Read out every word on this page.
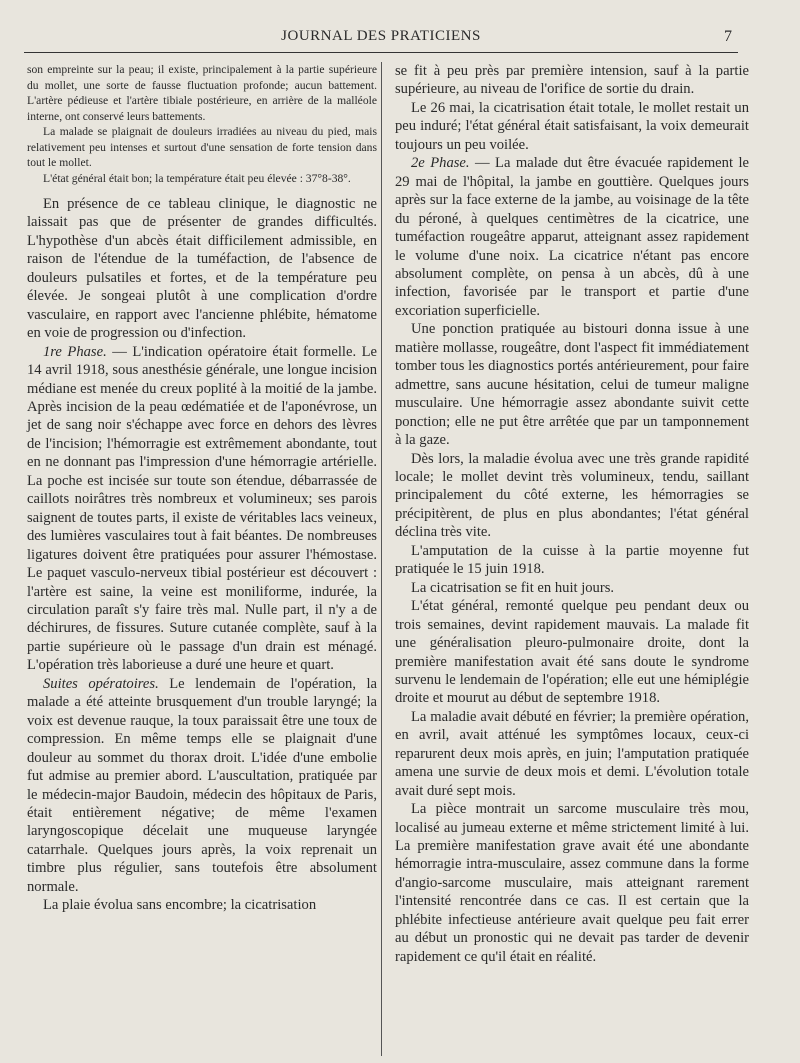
JOURNAL DES PRATICIENS	7

son empreinte sur la peau; il existe, principalement à la partie supérieure du mollet, une sorte de fausse fluctuation profonde; aucun battement. L'artère pédieuse et l'artère tibiale postérieure, en arrière de la malléole interne, ont conservé leurs battements.

La malade se plaignait de douleurs irradiées au niveau du pied, mais relativement peu intenses et surtout d'une sensation de forte tension dans tout le mollet.

L'état général était bon; la température était peu élevée : 37°8-38°.

En présence de ce tableau clinique, le diagnostic ne laissait pas que de présenter de grandes difficultés. L'hypothèse d'un abcès était difficilement admissible, en raison de l'étendue de la tuméfaction, de l'absence de douleurs pulsatiles et fortes, et de la température peu élevée. Je songeai plutôt à une complication d'ordre vasculaire, en rapport avec l'ancienne phlébite, hématome en voie de progression ou d'infection.

1re Phase. — L'indication opératoire était formelle. Le 14 avril 1918, sous anesthésie générale, une longue incision médiane est menée du creux poplité à la moitié de la jambe. Après incision de la peau œdématiée et de l'aponévrose, un jet de sang noir s'échappe avec force en dehors des lèvres de l'incision; l'hémorragie est extrêmement abondante, tout en ne donnant pas l'impression d'une hémorragie artérielle. La poche est incisée sur toute son étendue, débarrassée de caillots noirâtres très nombreux et volumineux; ses parois saignent de toutes parts, il existe de véritables lacs veineux, des lumières vasculaires tout à fait béantes. De nombreuses ligatures doivent être pratiquées pour assurer l'hémostase. Le paquet vasculo-nerveux tibial postérieur est découvert : l'artère est saine, la veine est moniliforme, indurée, la circulation paraît s'y faire très mal. Nulle part, il n'y a de déchirures, de fissures. Suture cutanée complète, sauf à la partie supérieure où le passage d'un drain est ménagé. L'opération très laborieuse a duré une heure et quart.

Suites opératoires. Le lendemain de l'opération, la malade a été atteinte brusquement d'un trouble laryngé; la voix est devenue rauque, la toux paraissait être une toux de compression. En même temps elle se plaignait d'une douleur au sommet du thorax droit. L'idée d'une embolie fut admise au premier abord. L'auscultation, pratiquée par le médecin-major Baudoin, médecin des hôpitaux de Paris, était entièrement négative; de même l'examen laryngoscopique décelait une muqueuse laryngée catarrhale. Quelques jours après, la voix reprenait un timbre plus régulier, sans toutefois être absolument normale.

La plaie évolua sans encombre; la cicatrisation

se fit à peu près par première intension, sauf à la partie supérieure, au niveau de l'orifice de sortie du drain.

Le 26 mai, la cicatrisation était totale, le mollet restait un peu induré; l'état général était satisfaisant, la voix demeurait toujours un peu voilée.

2e Phase. — La malade dut être évacuée rapidement le 29 mai de l'hôpital, la jambe en gouttière. Quelques jours après sur la face externe de la jambe, au voisinage de la tête du péroné, à quelques centimètres de la cicatrice, une tuméfaction rougeâtre apparut, atteignant assez rapidement le volume d'une noix. La cicatrice n'étant pas encore absolument complète, on pensa à un abcès, dû à une infection, favorisée par le transport et partie d'une excoriation superficielle.

Une ponction pratiquée au bistouri donna issue à une matière mollasse, rougeâtre, dont l'aspect fit immédiatement tomber tous les diagnostics portés antérieurement, pour faire admettre, sans aucune hésitation, celui de tumeur maligne musculaire. Une hémorragie assez abondante suivit cette ponction; elle ne put être arrêtée que par un tamponnement à la gaze.

Dès lors, la maladie évolua avec une très grande rapidité locale; le mollet devint très volumineux, tendu, saillant principalement du côté externe, les hémorragies se précipitèrent, de plus en plus abondantes; l'état général déclina très vite.

L'amputation de la cuisse à la partie moyenne fut pratiquée le 15 juin 1918.

La cicatrisation se fit en huit jours.

L'état général, remonté quelque peu pendant deux ou trois semaines, devint rapidement mauvais. La malade fit une généralisation pleuro-pulmonaire droite, dont la première manifestation avait été sans doute le syndrome survenu le lendemain de l'opération; elle eut une hémiplégie droite et mourut au début de septembre 1918.

La maladie avait débuté en février; la première opération, en avril, avait atténué les symptômes locaux, ceux-ci reparurent deux mois après, en juin; l'amputation pratiquée amena une survie de deux mois et demi. L'évolution totale avait duré sept mois.

La pièce montrait un sarcome musculaire très mou, localisé au jumeau externe et même strictement limité à lui. La première manifestation grave avait été une abondante hémorragie intra-musculaire, assez commune dans la forme d'angio-sarcome musculaire, mais atteignant rarement l'intensité rencontrée dans ce cas. Il est certain que la phlébite infectieuse antérieure avait quelque peu fait errer au début un pronostic qui ne devait pas tarder de devenir rapidement ce qu'il était en réalité.
